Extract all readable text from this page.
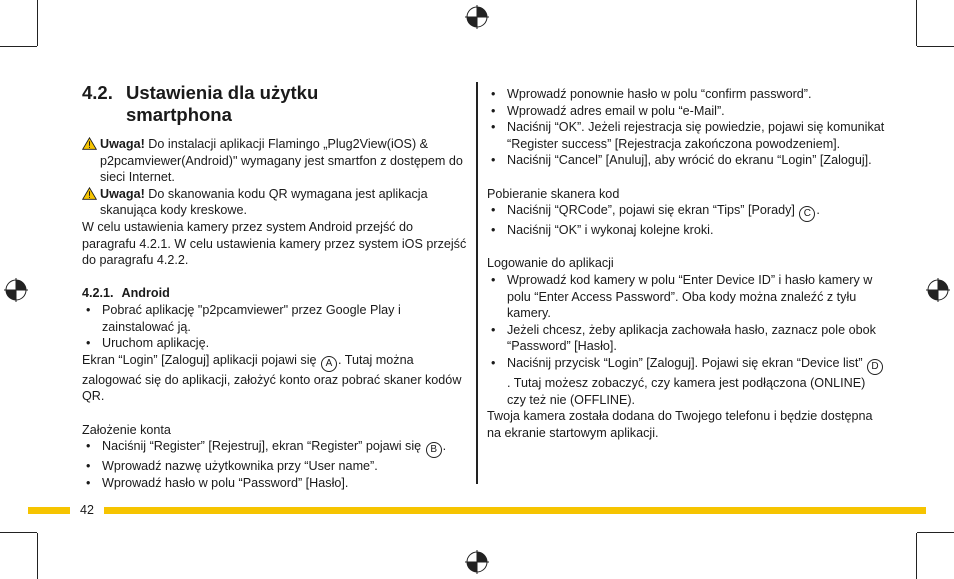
4.2. Ustawienia dla użytku
smartphona
Uwaga! Do instalacji aplikacji Flamingo „Plug2View(iOS) & p2pcamviewer(Android)" wymagany jest smartfon z dostępem do sieci Internet.
Uwaga! Do skanowania kodu QR wymagana jest aplikacja skanująca kody kreskowe.

W celu ustawienia kamery przez system Android przejść do paragrafu 4.2.1. W celu ustawienia kamery przez system iOS przejść do paragrafu 4.2.2.

4.2.1. Android

• Pobrać aplikację "p2pcamviewer" przez Google Play i zainstalować ją.
• Uruchom aplikację.

Ekran “Login” [Zaloguj] aplikacji pojawi się A . Tutaj można zalogować się do aplikacji, założyć konto oraz pobrać skaner kodów QR.

Założenie konta

• Naciśnij “Register” [Rejestruj], ekran “Register” pojawi się B .
• Wprowadź nazwę użytkownika przy “User name”.
• Wprowadź hasło w polu “Password” [Hasło].
• Wprowadź ponownie hasło w polu “confirm password”.
• Wprowadź adres email w polu “e-Mail”.
• Naciśnij “OK”. Jeżeli rejestracja się powiedzie, pojawi się komunikat “Register success” [Rejestracja zakończona powodzeniem].
• Naciśnij “Cancel” [Anuluj], aby wrócić do ekranu “Login” [Zaloguj].

Pobieranie skanera kod

• Naciśnij “QRCode”, pojawi się ekran “Tips” [Porady] C .
• Naciśnij “OK” i wykonaj kolejne kroki.

Logowanie do aplikacji

• Wprowadź kod kamery w polu “Enter Device ID” i hasło kamery w polu “Enter Access Password”. Oba kody można znaleźć z tyłu kamery.
• Jeżeli chcesz, żeby aplikacja zachowała hasło, zaznacz pole obok “Password” [Hasło].
• Naciśnij przycisk “Login” [Zaloguj]. Pojawi się ekran “Device list” D. Tutaj możesz zobaczyć, czy kamera jest podłączona (ONLINE) czy też nie (OFFLINE).

Twoja kamera została dodana do Twojego telefonu i będzie dostępna na ekranie startowym aplikacji.

42
